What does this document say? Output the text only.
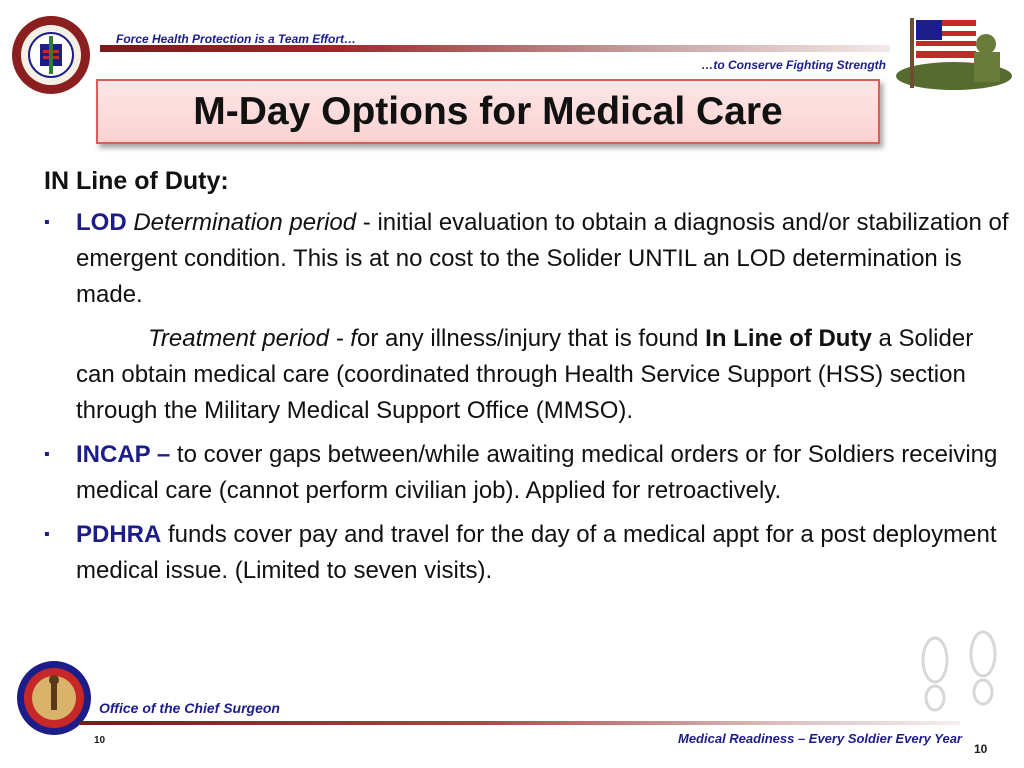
Force Health Protection is a Team Effort…
…to Conserve Fighting Strength
M-Day Options for Medical Care
IN Line of Duty:
▪ LOD Determination period - initial evaluation to obtain a diagnosis and/or stabilization of emergent condition. This is at no cost to the Solider UNTIL an LOD determination is made.
Treatment period - for any illness/injury that is found In Line of Duty a Solider can obtain medical care (coordinated through Health Service Support (HSS) section through the Military Medical Support Office (MMSO).
▪ INCAP – to cover gaps between/while awaiting medical orders or for Soldiers receiving medical care (cannot perform civilian job). Applied for retroactively.
▪ PDHRA funds cover pay and travel for the day of a medical appt for a post deployment medical issue. (Limited to seven visits).
Office of the Chief Surgeon
10	Medical Readiness – Every Soldier Every Year
10
